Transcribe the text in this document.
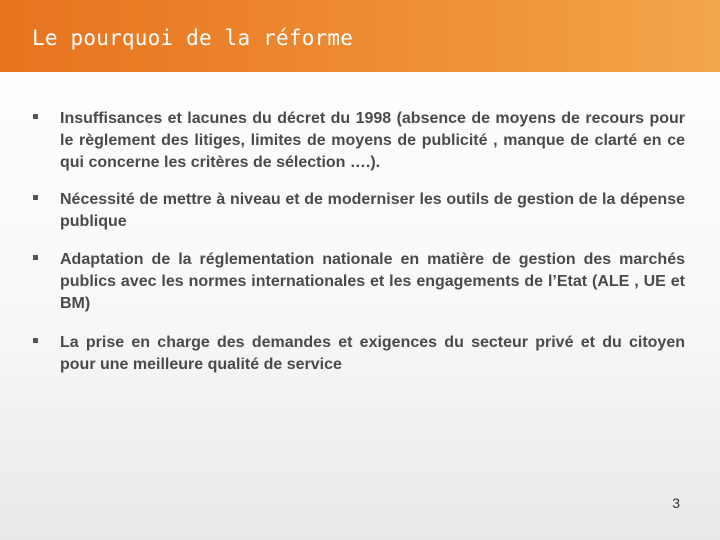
Le pourquoi de la réforme
Insuffisances et lacunes du décret du 1998 (absence de moyens de recours pour le règlement des litiges, limites de moyens de publicité , manque de clarté en ce qui concerne les critères de sélection ….).
Nécessité de mettre à niveau et de moderniser les outils de gestion de la dépense publique
Adaptation de la réglementation nationale en matière de gestion des marchés publics avec les normes internationales et les engagements de l’Etat (ALE , UE et BM)
La prise en charge des demandes et exigences du secteur privé et du citoyen pour une meilleure qualité de service
3
